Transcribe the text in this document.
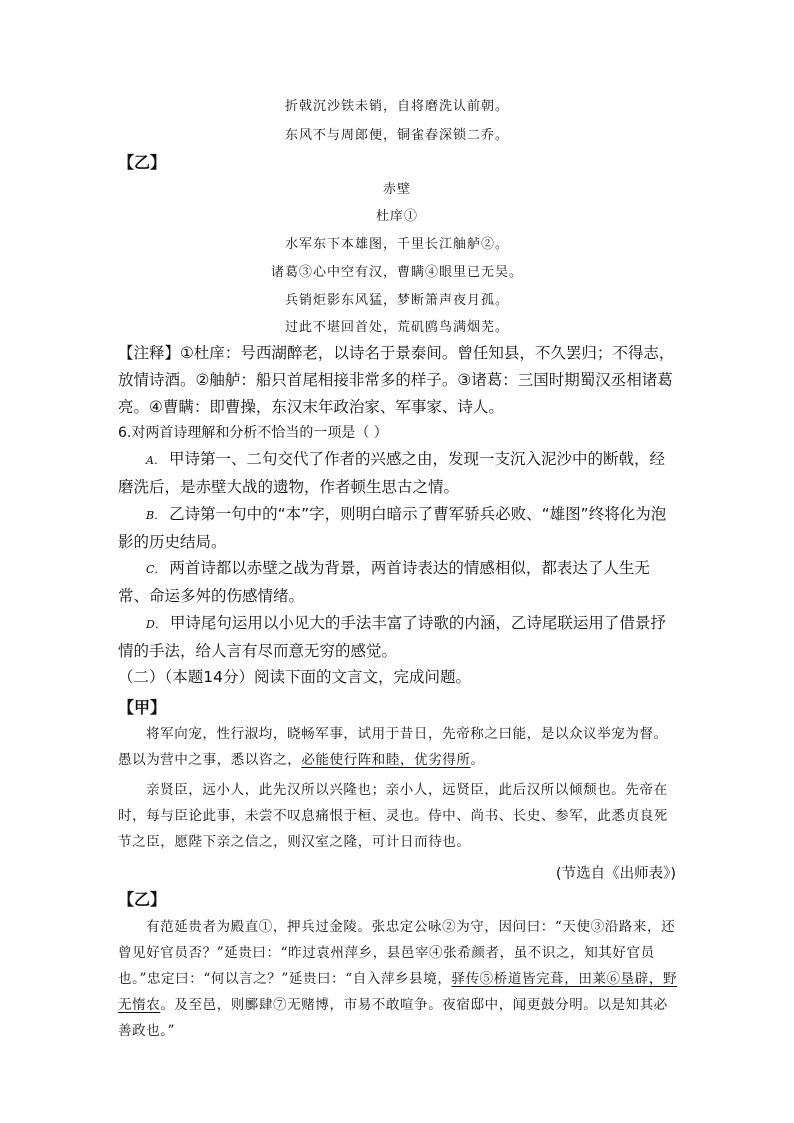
折戟沉沙铁未销，自将磨洗认前朝。
东风不与周郎便，铜雀春深锁二乔。
【乙】
赤壁
杜庠①
水军东下本雄图，千里长江舳舻②。
诸葛③心中空有汉，曹瞒④眼里已无吴。
兵销炬影东风猛，梦断箫声夜月孤。
过此不堪回首处，荒矶鸥鸟满烟芜。
【注释】①杜庠：号西湖醉老，以诗名于景泰间。曾任知县，不久罢归；不得志，放情诗酒。②舳舻：船只首尾相接非常多的样子。③诸葛：三国时期蜀汉丞相诸葛亮。④曹瞒：即曹操，东汉末年政治家、军事家、诗人。
6.对两首诗理解和分析不恰当的一项是（ ）
A． 甲诗第一、二句交代了作者的兴感之由，发现一支沉入泥沙中的断戟，经磨洗后，是赤壁大战的遗物，作者顿生思古之情。
B． 乙诗第一句中的“本”字，则明白暗示了曹军骄兵必败、“雄图”终将化为泡影的历史结局。
C． 两首诗都以赤壁之战为背景，两首诗表达的情感相似，都表达了人生无常、命运多舛的伤感情绪。
D． 甲诗尾句运用以小见大的手法丰富了诗歌的内涵，乙诗尾联运用了借景抒情的手法，给人言有尽而意无穷的感觉。
（二）（本题14分）阅读下面的文言文，完成问题。
【甲】
将军向宠，性行淑均，晓畅军事，试用于昔日，先帝称之曰能，是以众议举宠为督。愚以为营中之事，悉以咨之，必能使行阵和睦，优劣得所。
亲贤臣，远小人，此先汉所以兴隆也；亲小人，远贤臣，此后汉所以倾颓也。先帝在时，每与臣论此事，未尝不叹息痛恨于桓、灵也。侍中、尚书、长史、参军，此悉贞良死节之臣，愿陛下亲之信之，则汉室之隆，可计日而待也。
(节选自《出师表》)
【乙】
有范延贵者为殿直①，押兵过金陵。张忠定公咏②为守，因问曰：“天使③沿路来，还曾见好官员否？”延贵曰：“昨过袁州萍乡，县邑宰④张希颜者，虽不识之，知其好官员也。”忠定曰：“何以言之？”延贵曰：“自入萍乡县境，驿传⑤桥道皆完葺，田莱⑥垦辟，野无惰农。及至邑，则鄽肆⑦无赌博，市易不敢喧争。夜宿邸中，闻更鼓分明。以是知其必善政也。”
